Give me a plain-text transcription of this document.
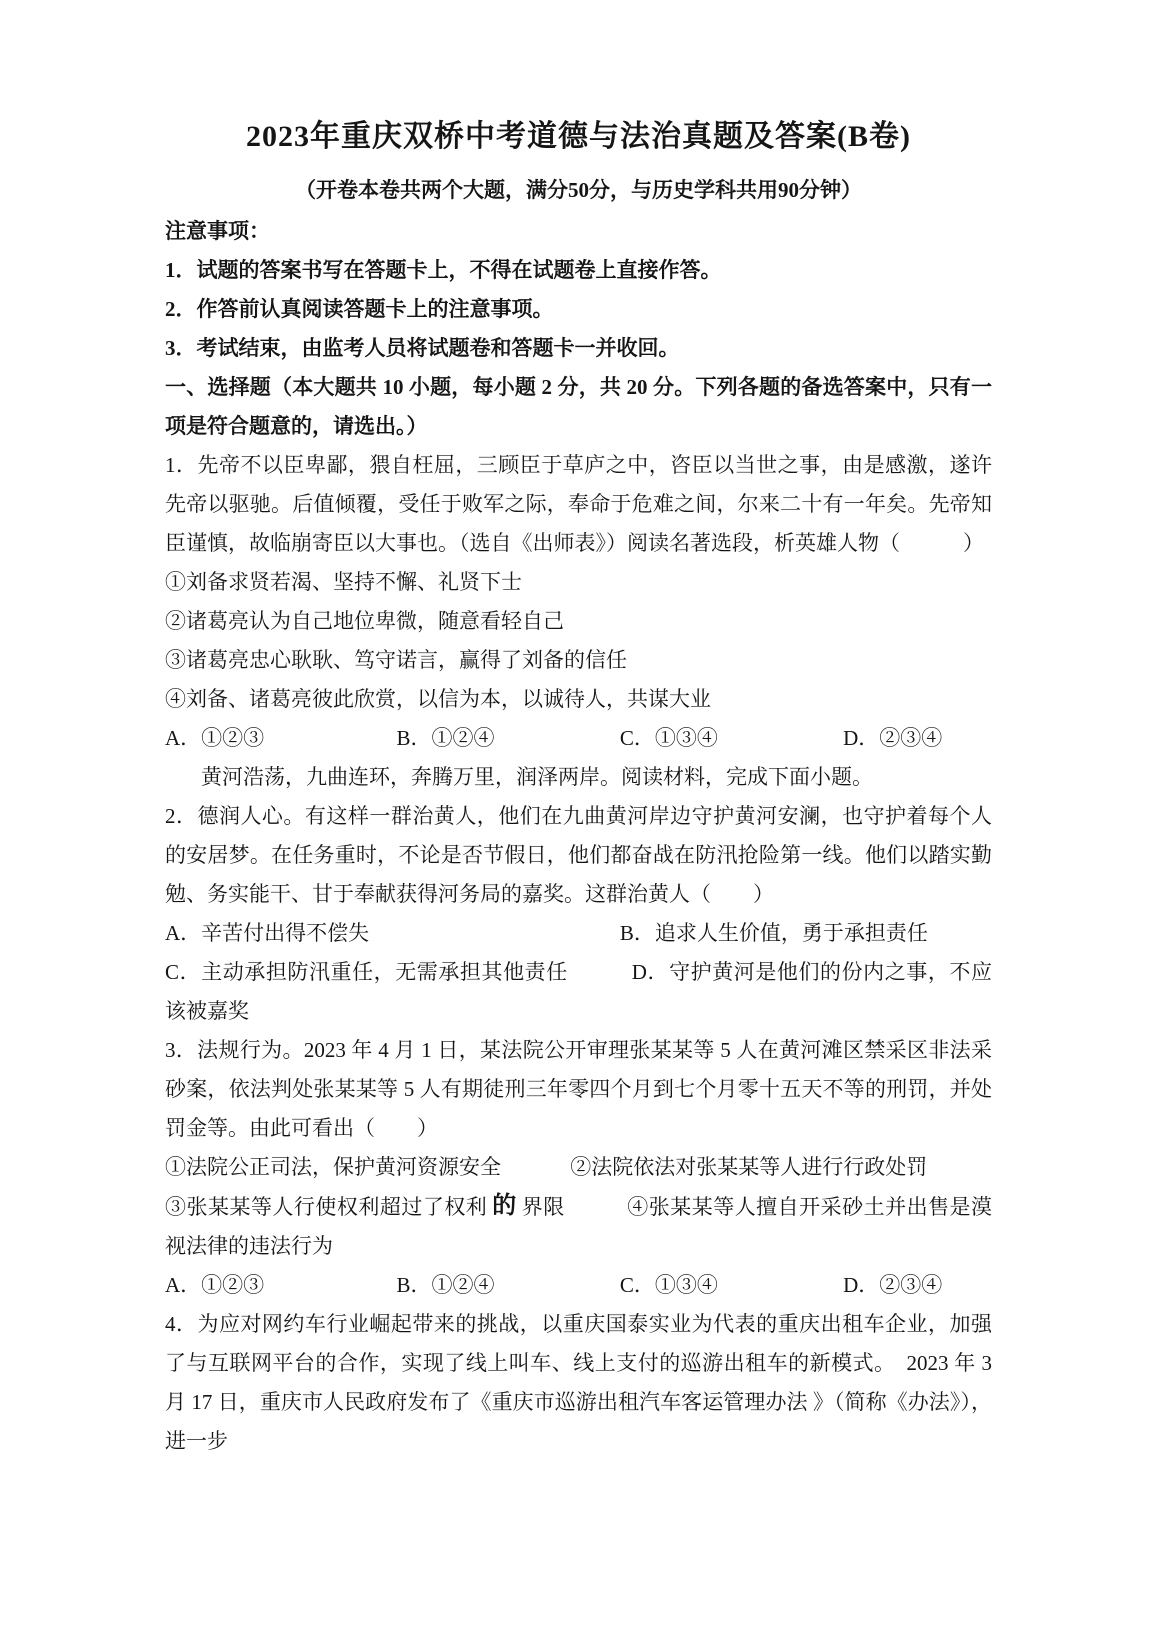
2023年重庆双桥中考道德与法治真题及答案(B卷)
（开卷本卷共两个大题，满分50分，与历史学科共用90分钟）

注意事项：

1．试题的答案书写在答题卡上，不得在试题卷上直接作答。

2．作答前认真阅读答题卡上的注意事项。

3．考试结束，由监考人员将试题卷和答题卡一并收回。

一、选择题（本大题共 10 小题，每小题 2 分，共 20 分。下列各题的备选答案中，只有一项是符合题意的，请选出。）

1．先帝不以臣卑鄙，猥自枉屈，三顾臣于草庐之中，咨臣以当世之事，由是感激，遂许先帝以驱驰。后值倾覆，受任于败军之际，奉命于危难之间，尔来二十有一年矣。先帝知臣谨慎，故临崩寄臣以大事也。（选自《出师表》）阅读名著选段，析英雄人物（　　　）

①刘备求贤若渴、坚持不懈、礼贤下士

②诸葛亮认为自己地位卑微，随意看轻自己

③诸葛亮忠心耿耿、笃守诺言，赢得了刘备的信任

④刘备、诸葛亮彼此欣赏，以信为本，以诚待人，共谋大业

A．①②③	B．①②④	C．①③④	D．②③④

黄河浩荡，九曲连环，奔腾万里，润泽两岸。阅读材料，完成下面小题。

2．德润人心。有这样一群治黄人，他们在九曲黄河岸边守护黄河安澜，也守护着每个人的安居梦。在任务重时，不论是否节假日，他们都奋战在防汛抢险第一线。他们以踏实勤勉、务实能干、甘于奉献获得河务局的嘉奖。这群治黄人（　　）

A．辛苦付出得不偿失	B．追求人生价值，勇于承担责任

C．主动承担防汛重任，无需承担其他责任	D．守护黄河是他们的份内之事，不应该被嘉奖

3．法规行为。2023 年 4 月 1 日，某法院公开审理张某某等 5 人在黄河滩区禁采区非法采砂案，依法判处张某某等 5 人有期徒刑三年零四个月到七个月零十五天不等的刑罚，并处罚金等。由此可看出（　　）

①法院公正司法，保护黄河资源安全	②法院依法对张某某等人进行行政处罚

③张某某等人行使权利超过了权利 的 界限	④张某某等人擅自开采砂土并出售是漠视法律的违法行为

A．①②③	B．①②④	C．①③④	D．②③④

4．为应对网约车行业崛起带来的挑战，以重庆国泰实业为代表的重庆出租车企业，加强了与互联网平台的合作，实现了线上叫车、线上支付的巡游出租车的新模式。　2023 年 3 月 17 日，重庆市人民政府发布了《重庆市巡游出租汽车客运管理办法 》（简称《办法》），进一步
